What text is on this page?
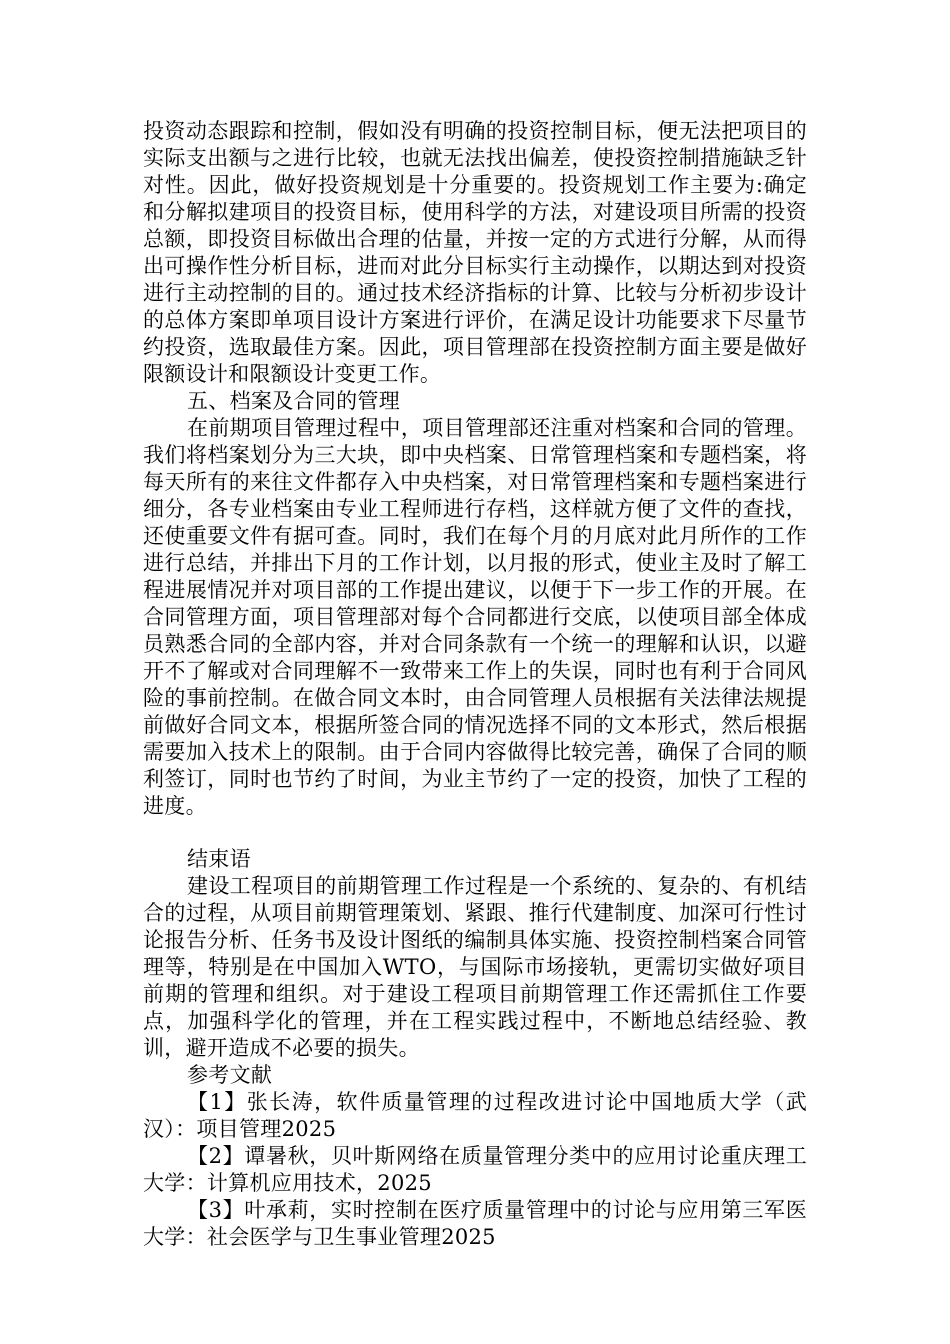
投资动态跟踪和控制，假如没有明确的投资控制目标，便无法把项目的实际支出额与之进行比较，也就无法找出偏差，使投资控制措施缺乏针对性。因此，做好投资规划是十分重要的。投资规划工作主要为:确定和分解拟建项目的投资目标，使用科学的方法，对建设项目所需的投资总额，即投资目标做出合理的估量，并按一定的方式进行分解，从而得出可操作性分析目标，进而对此分目标实行主动操作，以期达到对投资进行主动控制的目的。通过技术经济指标的计算、比较与分析初步设计的总体方案即单项目设计方案进行评价，在满足设计功能要求下尽量节约投资，选取最佳方案。因此，项目管理部在投资控制方面主要是做好限额设计和限额设计变更工作。

五、档案及合同的管理

在前期项目管理过程中，项目管理部还注重对档案和合同的管理。我们将档案划分为三大块，即中央档案、日常管理档案和专题档案，将每天所有的来往文件都存入中央档案，对日常管理档案和专题档案进行细分，各专业档案由专业工程师进行存档，这样就方便了文件的查找，还使重要文件有据可查。同时，我们在每个月的月底对此月所作的工作进行总结，并排出下月的工作计划，以月报的形式，使业主及时了解工程进展情况并对项目部的工作提出建议，以便于下一步工作的开展。在合同管理方面，项目管理部对每个合同都进行交底，以使项目部全体成员熟悉合同的全部内容，并对合同条款有一个统一的理解和认识，以避开不了解或对合同理解不一致带来工作上的失误，同时也有利于合同风险的事前控制。在做合同文本时，由合同管理人员根据有关法律法规提前做好合同文本，根据所签合同的情况选择不同的文本形式，然后根据需要加入技术上的限制。由于合同内容做得比较完善，确保了合同的顺利签订，同时也节约了时间，为业主节约了一定的投资，加快了工程的进度。

结束语

建设工程项目的前期管理工作过程是一个系统的、复杂的、有机结合的过程，从项目前期管理策划、紧跟、推行代建制度、加深可行性讨论报告分析、任务书及设计图纸的编制具体实施、投资控制档案合同管理等，特别是在中国加入WTO，与国际市场接轨，更需切实做好项目前期的管理和组织。对于建设工程项目前期管理工作还需抓住工作要点，加强科学化的管理，并在工程实践过程中，不断地总结经验、教训，避开造成不必要的损失。

参考文献

【1】张长涛，软件质量管理的过程改进讨论中国地质大学（武汉）：项目管理2025

【2】谭暑秋，贝叶斯网络在质量管理分类中的应用讨论重庆理工大学：计算机应用技术，2025

【3】叶承莉，实时控制在医疗质量管理中的讨论与应用第三军医大学：社会医学与卫生事业管理2025
